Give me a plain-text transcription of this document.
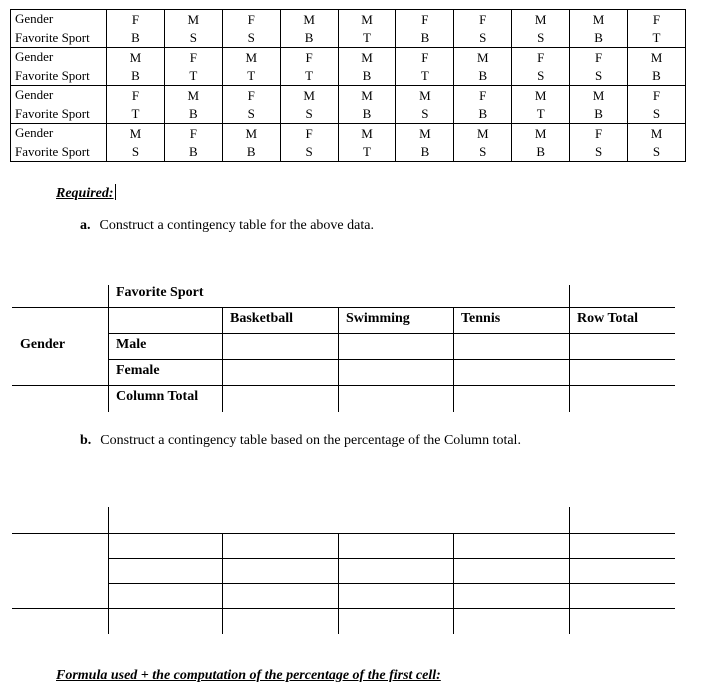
Gender	F	M	F	M	M	F	F	M	M	F
Favorite Sport	B	S	S	B	T	B	S	S	B	T
Gender	M	F	M	F	M	F	M	F	F	M
Favorite Sport	B	T	T	T	B	T	B	S	S	B
Gender	F	M	F	M	M	M	F	M	M	F
Favorite Sport	T	B	S	S	B	S	B	T	B	S
Gender	M	F	M	F	M	M	M	M	F	M
Favorite Sport	S	B	B	S	T	B	S	B	S	S
Required:
a. Construct a contingency table for the above data.
Favorite Sport
Basketball	Swimming	Tennis	Row Total
Gender	Male
Female
Column Total
b. Construct a contingency table based on the percentage of the Column total.
Formula used + the computation of the percentage of the first cell:
